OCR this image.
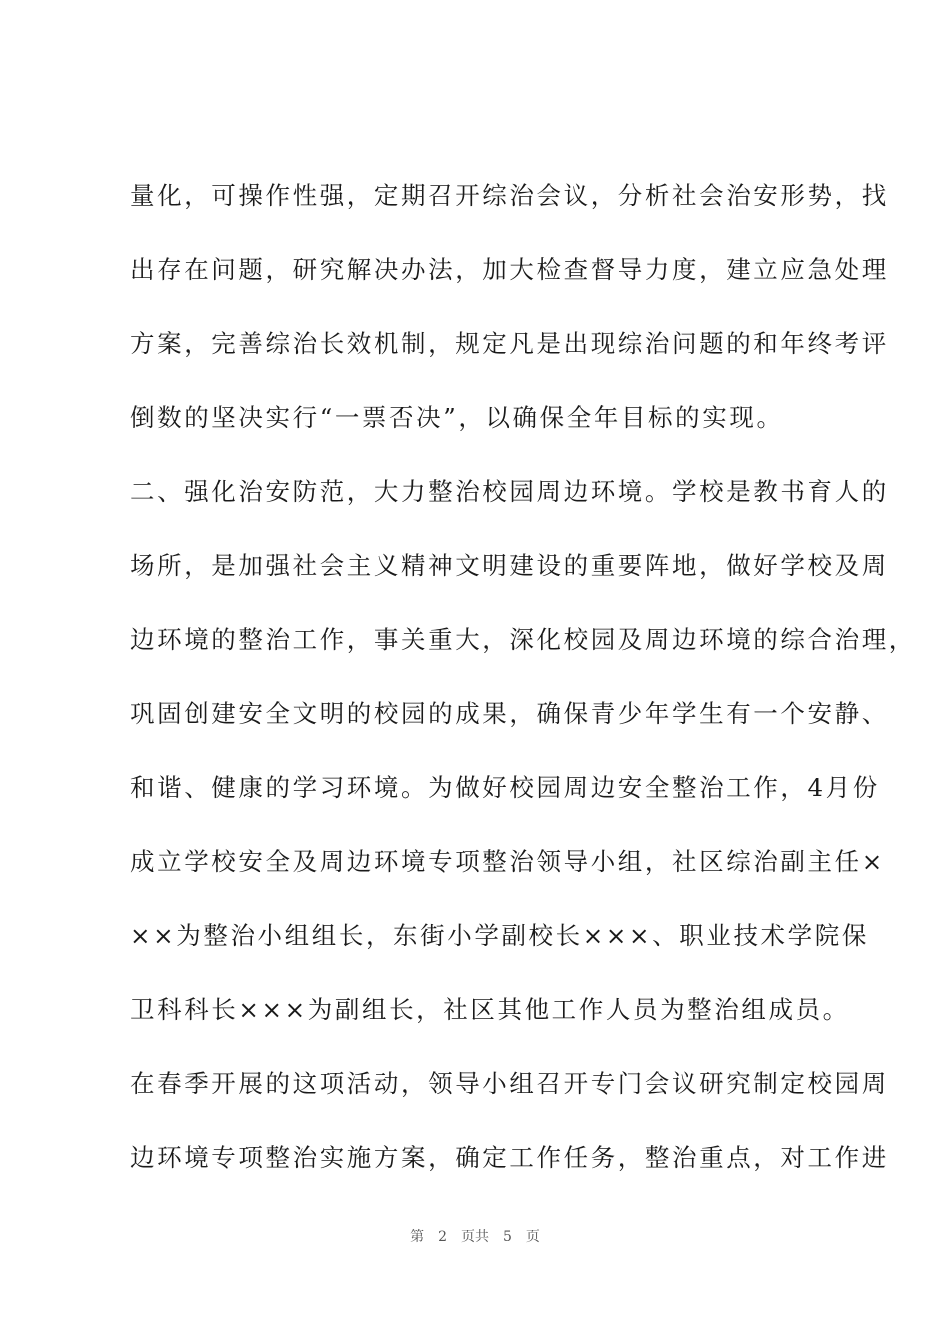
量化，可操作性强，定期召开综治会议，分析社会治安形势，找
出存在问题，研究解决办法，加大检查督导力度，建立应急处理
方案，完善综治长效机制，规定凡是出现综治问题的和年终考评
倒数的坚决实行“一票否决”，以确保全年目标的实现。
二、强化治安防范，大力整治校园周边环境。学校是教书育人的
场所，是加强社会主义精神文明建设的重要阵地，做好学校及周
边环境的整治工作，事关重大，深化校园及周边环境的综合治理，
巩固创建安全文明的校园的成果，确保青少年学生有一个安静、
和谐、健康的学习环境。为做好校园周边安全整治工作，4月份
成立学校安全及周边环境专项整治领导小组，社区综治副主任×
××为整治小组组长，东街小学副校长×××、职业技术学院保
卫科科长×××为副组长，社区其他工作人员为整治组成员。
在春季开展的这项活动，领导小组召开专门会议研究制定校园周
边环境专项整治实施方案，确定工作任务，整治重点，对工作进
第 2 页共 5 页
